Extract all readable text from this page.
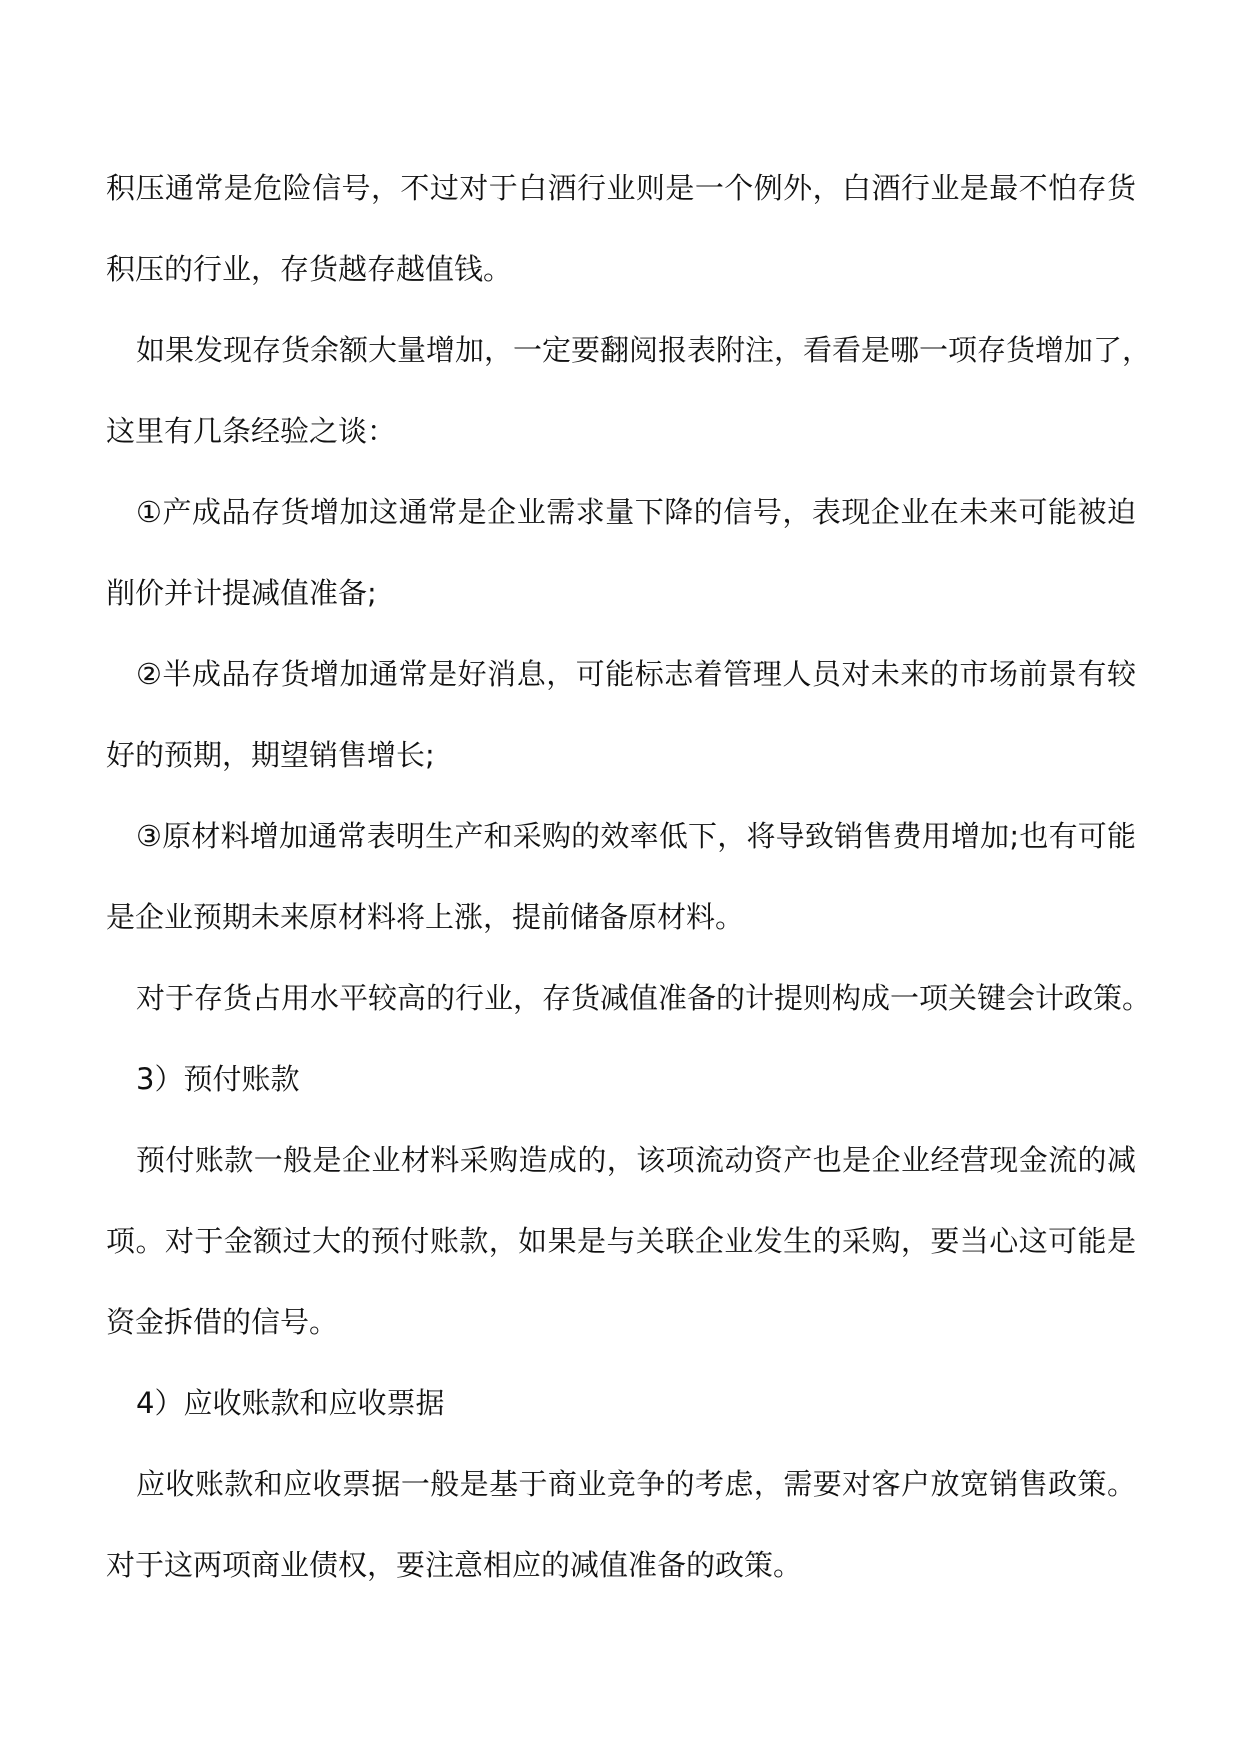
积压通常是危险信号，不过对于白酒行业则是一个例外，白酒行业是最不怕存货

积压的行业，存货越存越值钱。

如果发现存货余额大量增加，一定要翻阅报表附注，看看是哪一项存货增加了，

这里有几条经验之谈：

①产成品存货增加这通常是企业需求量下降的信号，表现企业在未来可能被迫

削价并计提减值准备;

②半成品存货增加通常是好消息，可能标志着管理人员对未来的市场前景有较

好的预期，期望销售增长;

③原材料增加通常表明生产和采购的效率低下，将导致销售费用增加;也有可能

是企业预期未来原材料将上涨，提前储备原材料。

对于存货占用水平较高的行业，存货减值准备的计提则构成一项关键会计政策。

3）预付账款

预付账款一般是企业材料采购造成的，该项流动资产也是企业经营现金流的减

项。对于金额过大的预付账款，如果是与关联企业发生的采购，要当心这可能是

资金拆借的信号。

4）应收账款和应收票据

应收账款和应收票据一般是基于商业竞争的考虑，需要对客户放宽销售政策。

对于这两项商业债权，要注意相应的减值准备的政策。
